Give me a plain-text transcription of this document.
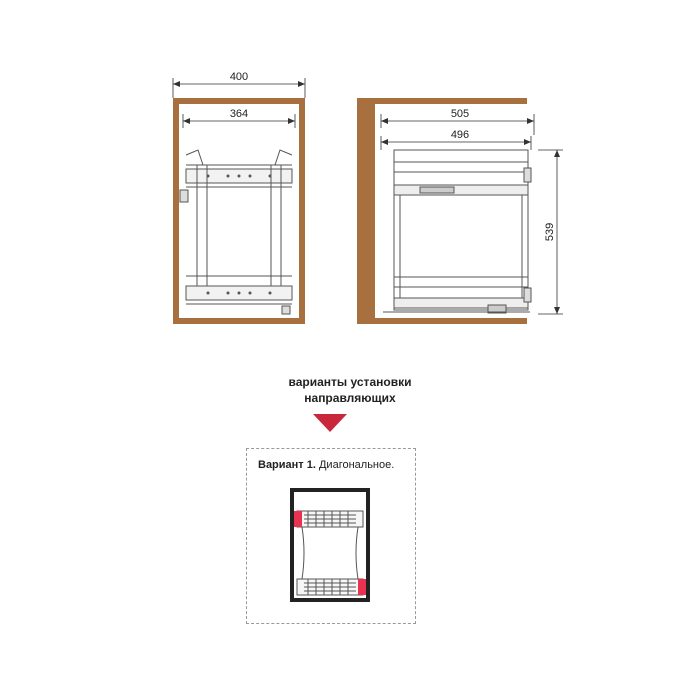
400
364	505
496
539
варианты установки
направляющих
Вариант 1. Диагональное.
